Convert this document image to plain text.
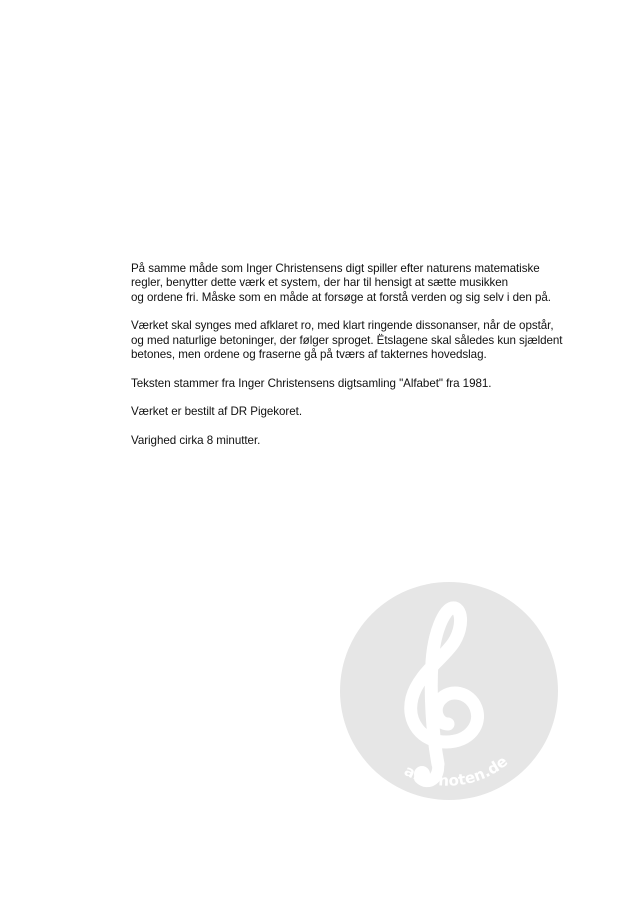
På samme måde som Inger Christensens digt spiller efter naturens matematiske
regler, benytter dette værk et system, der har til hensigt at sætte musikken
og ordene fri. Måske som en måde at forsøge at forstå verden og sig selv i den på.

Værket skal synges med afklaret ro, med klart ringende dissonanser, når de opstår,
og med naturlige betoninger, der følger sproget. Ëtslagene skal således kun sjældent
betones, men ordene og fraserne gå på tværs af takternes hovedslag.

Teksten stammer fra Inger Christensens digtsamling "Alfabet" fra 1981.

Værket er bestilt af DR Pigekoret.

Varighed cirka 8 minutter.

alle-noten.de
